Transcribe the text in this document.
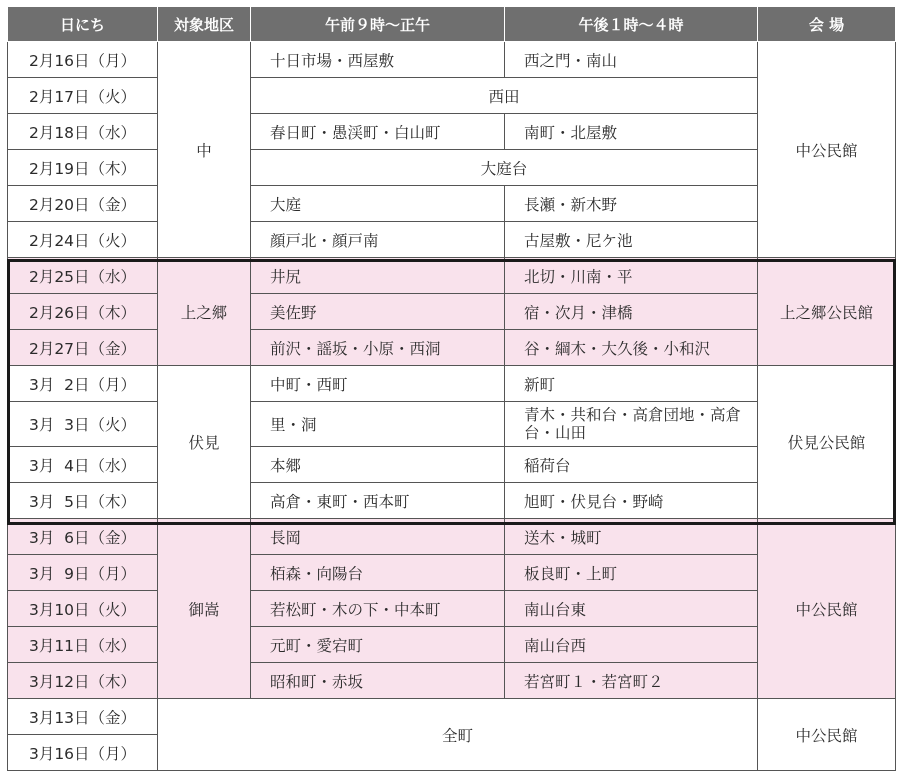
日にち	対象地区	午前９時〜正午	午後１時〜４時	会 場
2月16日（月）	中	十日市場・西屋敷	西之門・南山	中公民館
2月17日（火）		西田		
2月18日（水）		春日町・愚渓町・白山町	南町・北屋敷	
2月19日（木）		大庭台		
2月20日（金）		大庭	長瀬・新木野	
2月24日（火）		顔戸北・顔戸南	古屋敷・尼ケ池	
2月25日（水）	上之郷	井尻	北切・川南・平	上之郷公民館
2月26日（木）		美佐野	宿・次月・津橋	
2月27日（金）		前沢・謡坂・小原・西洞	谷・綱木・大久後・小和沢	
3月  2日（月）	伏見	中町・西町	新町	伏見公民館
3月  3日（火）		里・洞	青木・共和台・高倉団地・高倉台・山田	
3月  4日（水）		本郷	稲荷台	
3月  5日（木）		高倉・東町・西本町	旭町・伏見台・野崎	
3月  6日（金）	御嵩	長岡	送木・城町	中公民館
3月  9日（月）		栢森・向陽台	板良町・上町	
3月10日（火）		若松町・木の下・中本町	南山台東	
3月11日（水）		元町・愛宕町	南山台西	
3月12日（木）		昭和町・赤坂	若宮町１・若宮町２	
3月13日（金）	全町			中公民館
3月16日（月）				
